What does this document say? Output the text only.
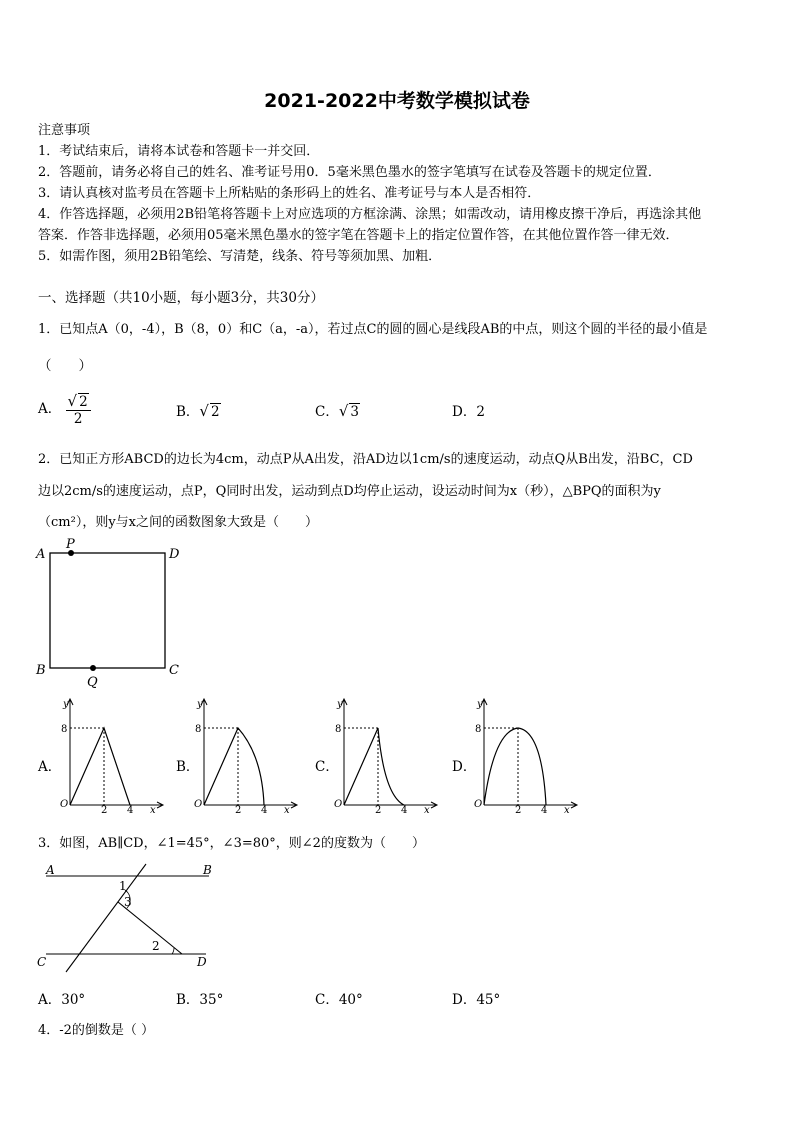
2021-2022中考数学模拟试卷
注意事项
1．考试结束后，请将本试卷和答题卡一并交回．
2．答题前，请务必将自己的姓名、准考证号用0．5毫米黑色墨水的签字笔填写在试卷及答题卡的规定位置．
3．请认真核对监考员在答题卡上所粘贴的条形码上的姓名、准考证号与本人是否相符．
4．作答选择题，必须用2B铅笔将答题卡上对应选项的方框涂满、涂黑；如需改动，请用橡皮擦干净后，再选涂其他
答案．作答非选择题，必须用05毫米黑色墨水的签字笔在答题卡上的指定位置作答，在其他位置作答一律无效．
5．如需作图，须用2B铅笔绘、写清楚，线条、符号等须加黑、加粗．
一、选择题（共10小题，每小题3分，共30分）
1．已知点A（0，-4），B（8，0）和C（a，-a），若过点C的圆的圆心是线段AB的中点，则这个圆的半径的最小值是
（　　）
A． $\frac{√ 2}{2}$	B．√ 2	C．√ 3	D．2
2．已知正方形ABCD的边长为4cm，动点P从A出发，沿AD边以1cm/s的速度运动，动点Q从B出发，沿BC，CD
边以2cm/s的速度运动，点P，Q同时出发，运动到点D均停止运动，设运动时间为x（秒），△BPQ的面积为y
（cm²），则y与x之间的函数图象大致是（　　）
A
P
D
B	C
Q
A．
y
8
O
2 4 x
B．
y
8
O
2 4 x
C．
y
8
O
2 4 x
D．
y
8
O
2 4 x
3．如图，AB∥CD，∠1=45°，∠3=80°，则∠2的度数为（　　）
A	B
C	D
1
3
2
A．30°	B．35°	C．40°	D．45°
4．-2的倒数是（ ）
